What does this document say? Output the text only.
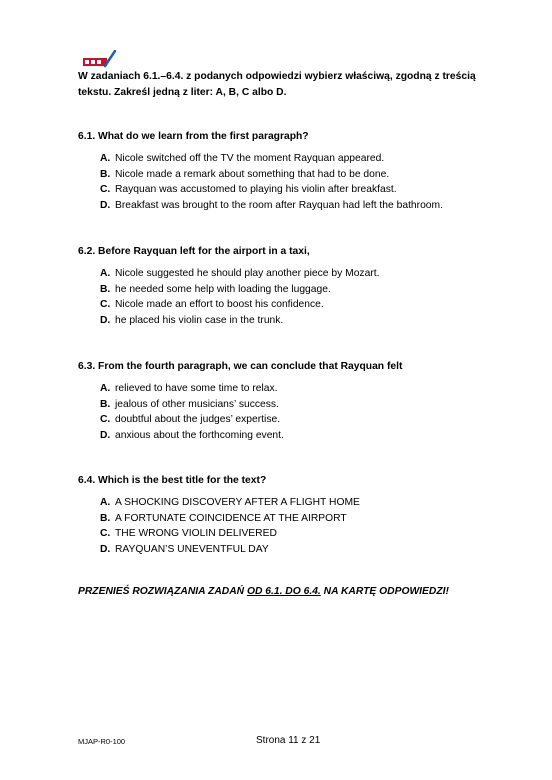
W zadaniach 6.1.–6.4. z podanych odpowiedzi wybierz właściwą, zgodną z treścią
tekstu. Zakreśl jedną z liter: A, B, C albo D.
6.1. What do we learn from the first paragraph?
A. Nicole switched off the TV the moment Rayquan appeared.
B. Nicole made a remark about something that had to be done.
C. Rayquan was accustomed to playing his violin after breakfast.
D. Breakfast was brought to the room after Rayquan had left the bathroom.
6.2. Before Rayquan left for the airport in a taxi,
A. Nicole suggested he should play another piece by Mozart.
B. he needed some help with loading the luggage.
C. Nicole made an effort to boost his confidence.
D. he placed his violin case in the trunk.
6.3. From the fourth paragraph, we can conclude that Rayquan felt
A. relieved to have some time to relax.
B. jealous of other musicians’ success.
C. doubtful about the judges’ expertise.
D. anxious about the forthcoming event.
6.4. Which is the best title for the text?
A. A SHOCKING DISCOVERY AFTER A FLIGHT HOME
B. A FORTUNATE COINCIDENCE AT THE AIRPORT
C. THE WRONG VIOLIN DELIVERED
D. RAYQUAN’S UNEVENTFUL DAY
PRZENIEŚ ROZWIĄZANIA ZADAŃ OD 6.1. DO 6.4. NA KARTĘ ODPOWIEDZI!
MJAP-R0-100	Strona 11 z 21
